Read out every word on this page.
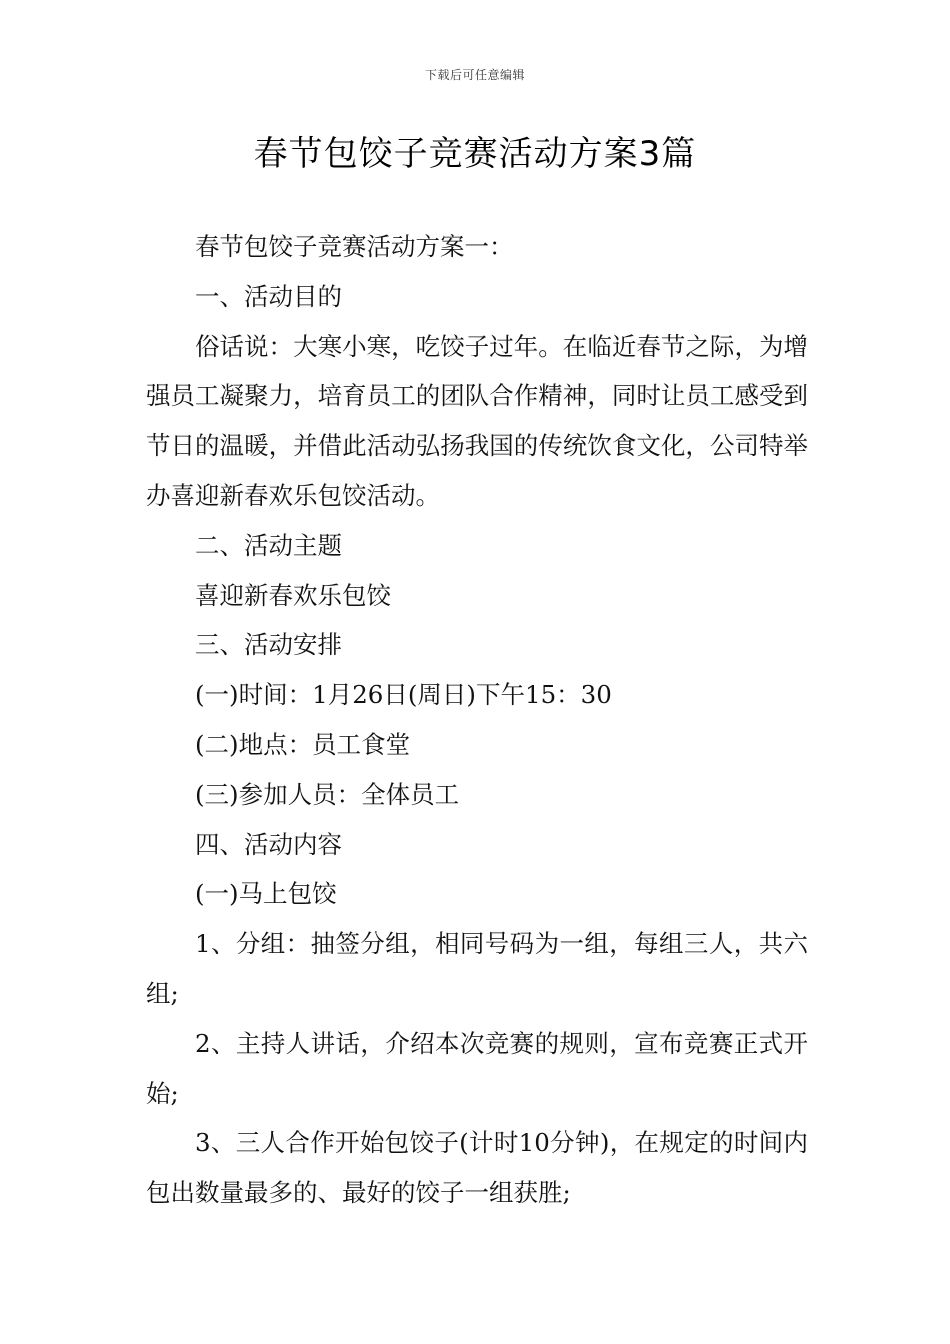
下载后可任意编辑
春节包饺子竞赛活动方案3篇

春节包饺子竞赛活动方案一：

一、活动目的

俗话说：大寒小寒，吃饺子过年。在临近春节之际，为增强员工凝聚力，培育员工的团队合作精神，同时让员工感受到节日的温暖，并借此活动弘扬我国的传统饮食文化，公司特举办喜迎新春欢乐包饺活动。

二、活动主题

喜迎新春欢乐包饺

三、活动安排

(一)时间：1月26日(周日)下午15：30

(二)地点：员工食堂

(三)参加人员：全体员工

四、活动内容

(一)马上包饺

1、分组：抽签分组，相同号码为一组，每组三人，共六组;

2、主持人讲话，介绍本次竞赛的规则，宣布竞赛正式开始;

3、三人合作开始包饺子(计时10分钟)，在规定的时间内包出数量最多的、最好的饺子一组获胜;
